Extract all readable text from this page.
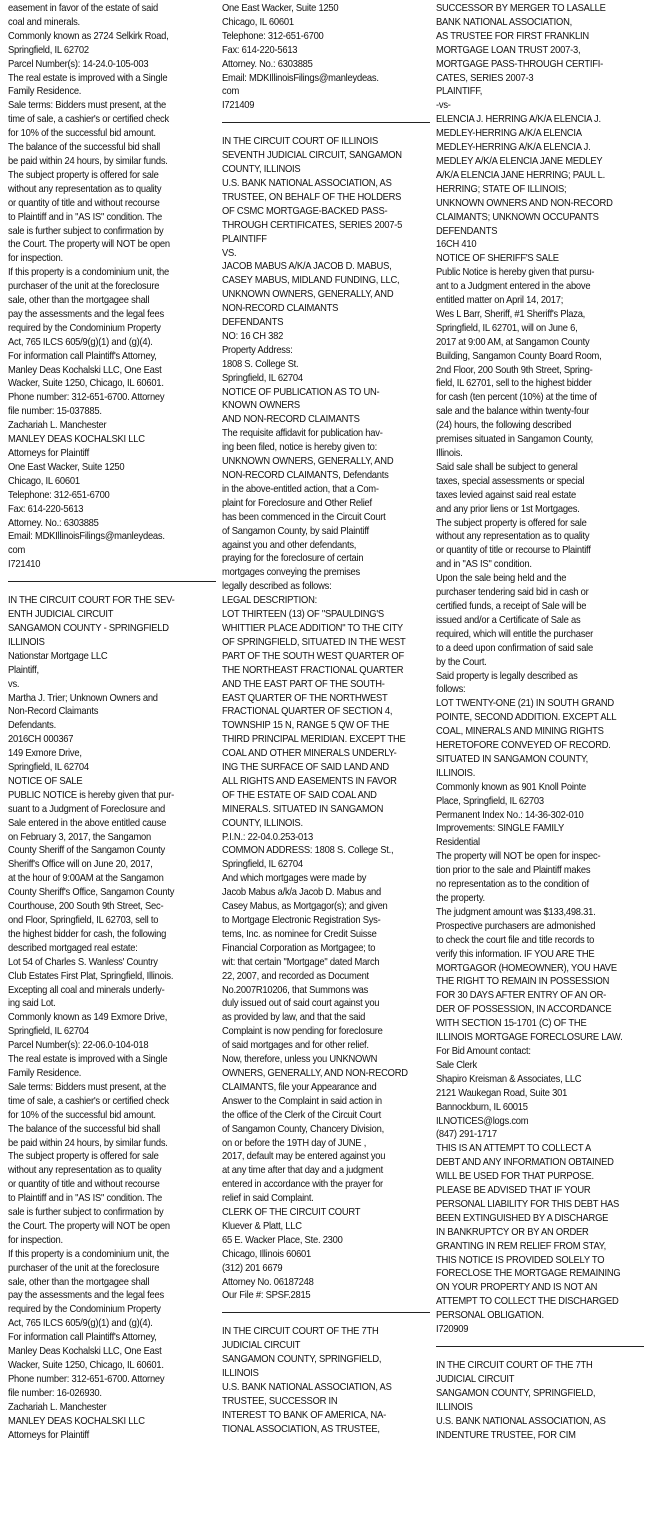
easement in favor of the estate of said

coal and minerals.

Commonly known as 2724 Selkirk Road,

Springfield, IL 62702

Parcel Number(s): 14-24.0-105-003

The real estate is improved with a Single

Family Residence.

Sale terms: Bidders must present, at the

time of sale, a cashier's or certified check

for 10% of the successful bid amount.

The balance of the successful bid shall

be paid within 24 hours, by similar funds.

The subject property is offered for sale

without any representation as to quality

or quantity of title and without recourse

to Plaintiff and in "AS IS" condition. The

sale is further subject to confirmation by

the Court. The property will NOT be open

for inspection.

If this property is a condominium unit, the

purchaser of the unit at the foreclosure

sale, other than the mortgagee shall

pay the assessments and the legal fees

required by the Condominium Property

Act, 765 ILCS 605/9(g)(1) and (g)(4).

For information call Plaintiff's Attorney,

Manley Deas Kochalski LLC, One East

Wacker, Suite 1250, Chicago, IL 60601.

Phone number: 312-651-6700. Attorney

file number: 15-037885.

Zachariah L. Manchester

MANLEY DEAS KOCHALSKI LLC

Attorneys for Plaintiff

One East Wacker, Suite 1250

Chicago, IL 60601

Telephone: 312-651-6700

Fax: 614-220-5613

Attorney. No.: 6303885

Email: MDKIllinoisFilings@manleydeas.

com

I721410

IN THE CIRCUIT COURT FOR THE SEV-

ENTH JUDICIAL CIRCUIT

SANGAMON COUNTY - SPRINGFIELD

ILLINOIS

Nationstar Mortgage LLC

Plaintiff,

vs.

Martha J. Trier; Unknown Owners and

Non-Record Claimants

Defendants.

2016CH 000367

149 Exmore Drive,

Springfield, IL 62704

NOTICE OF SALE

PUBLIC NOTICE is hereby given that pur-

suant to a Judgment of Foreclosure and

Sale entered in the above entitled cause

on February 3, 2017, the Sangamon

County Sheriff of the Sangamon County

Sheriff's Office will on June 20, 2017,

at the hour of 9:00AM at the Sangamon

County Sheriff's Office, Sangamon County

Courthouse, 200 South 9th Street, Sec-

ond Floor, Springfield, IL 62703, sell to

the highest bidder for cash, the following

described mortgaged real estate:

Lot 54 of Charles S. Wanless' Country

Club Estates First Plat, Springfield, Illinois.

Excepting all coal and minerals underly-

ing said Lot.

Commonly known as 149 Exmore Drive,

Springfield, IL 62704

Parcel Number(s): 22-06.0-104-018

The real estate is improved with a Single

Family Residence.

Sale terms: Bidders must present, at the

time of sale, a cashier's or certified check

for 10% of the successful bid amount.

The balance of the successful bid shall

be paid within 24 hours, by similar funds.

The subject property is offered for sale

without any representation as to quality

or quantity of title and without recourse

to Plaintiff and in "AS IS" condition. The

sale is further subject to confirmation by

the Court. The property will NOT be open

for inspection.

If this property is a condominium unit, the

purchaser of the unit at the foreclosure

sale, other than the mortgagee shall

pay the assessments and the legal fees

required by the Condominium Property

Act, 765 ILCS 605/9(g)(1) and (g)(4).

For information call Plaintiff's Attorney,

Manley Deas Kochalski LLC, One East

Wacker, Suite 1250, Chicago, IL 60601.

Phone number: 312-651-6700. Attorney

file number: 16-026930.

Zachariah L. Manchester

MANLEY DEAS KOCHALSKI LLC

Attorneys for Plaintiff

One East Wacker, Suite 1250

Chicago, IL 60601

Telephone: 312-651-6700

Fax: 614-220-5613

Attorney. No.: 6303885

Email: MDKIllinoisFilings@manleydeas.

com

I721409

IN THE CIRCUIT COURT OF ILLINOIS

SEVENTH JUDICIAL CIRCUIT, SANGAMON

COUNTY, ILLINOIS

U.S. BANK NATIONAL ASSOCIATION, AS

TRUSTEE, ON BEHALF OF THE HOLDERS

OF CSMC MORTGAGE-BACKED PASS-

THROUGH CERTIFICATES, SERIES 2007-5

PLAINTIFF

VS.

JACOB MABUS A/K/A JACOB D. MABUS,

CASEY MABUS, MIDLAND FUNDING, LLC,

UNKNOWN OWNERS, GENERALLY, AND

NON-RECORD CLAIMANTS

DEFENDANTS

NO: 16 CH 382

Property Address:

1808 S. College St.

Springfield, IL 62704

NOTICE OF PUBLICATION AS TO UN-

KNOWN OWNERS

AND NON-RECORD CLAIMANTS

The requisite affidavit for publication hav-

ing been filed, notice is hereby given to:

UNKNOWN OWNERS, GENERALLY, AND

NON-RECORD CLAIMANTS, Defendants

in the above-entitled action, that a Com-

plaint for Foreclosure and Other Relief

has been commenced in the Circuit Court

of Sangamon County, by said Plaintiff

against you and other defendants,

praying for the foreclosure of certain

mortgages conveying the premises

legally described as follows:

LEGAL DESCRIPTION:

LOT THIRTEEN (13) OF "SPAULDING'S

WHITTIER PLACE ADDITION" TO THE CITY

OF SPRINGFIELD, SITUATED IN THE WEST

PART OF THE SOUTH WEST QUARTER OF

THE NORTHEAST FRACTIONAL QUARTER

AND THE EAST PART OF THE SOUTH-

EAST QUARTER OF THE NORTHWEST

FRACTIONAL QUARTER OF SECTION 4,

TOWNSHIP 15 N, RANGE 5 QW OF THE

THIRD PRINCIPAL MERIDIAN. EXCEPT THE

COAL AND OTHER MINERALS UNDERLY-

ING THE SURFACE OF SAID LAND AND

ALL RIGHTS AND EASEMENTS IN FAVOR

OF THE ESTATE OF SAID COAL AND

MINERALS. SITUATED IN SANGAMON

COUNTY, ILLINOIS.

P.I.N.: 22-04.0.253-013

COMMON ADDRESS: 1808 S. College St.,

Springfield, IL 62704

And which mortgages were made by

Jacob Mabus a/k/a Jacob D. Mabus and

Casey Mabus, as Mortgagor(s); and given

to Mortgage Electronic Registration Sys-

tems, Inc. as nominee for Credit Suisse

Financial Corporation as Mortgagee; to

wit: that certain "Mortgage" dated March

22, 2007, and recorded as Document

No.2007R10206, that Summons was

duly issued out of said court against you

as provided by law, and that the said

Complaint is now pending for foreclosure

of said mortgages and for other relief.

Now, therefore, unless you UNKNOWN

OWNERS, GENERALLY, AND NON-RECORD

CLAIMANTS, file your Appearance and

Answer to the Complaint in said action in

the office of the Clerk of the Circuit Court

of Sangamon County, Chancery Division,

on or before the 19TH day of JUNE ,

2017, default may be entered against you

at any time after that day and a judgment

entered in accordance with the prayer for

relief in said Complaint.

CLERK OF THE CIRCUIT COURT

Kluever & Platt, LLC

65 E. Wacker Place, Ste. 2300

Chicago, Illinois 60601

(312) 201 6679

Attorney No. 06187248

Our File #: SPSF.2815

IN THE CIRCUIT COURT OF THE 7TH

JUDICIAL CIRCUIT

SANGAMON COUNTY, SPRINGFIELD,

ILLINOIS

U.S. BANK NATIONAL ASSOCIATION, AS

TRUSTEE, SUCCESSOR IN

INTEREST TO BANK OF AMERICA, NA-

TIONAL ASSOCIATION, AS TRUSTEE,

SUCCESSOR BY MERGER TO LASALLE

BANK NATIONAL ASSOCIATION,

AS TRUSTEE FOR FIRST FRANKLIN

MORTGAGE LOAN TRUST 2007-3,

MORTGAGE PASS-THROUGH CERTIFI-

CATES, SERIES 2007-3

PLAINTIFF,

-vs-

ELENCIA J. HERRING A/K/A ELENCIA J.

MEDLEY-HERRING A/K/A ELENCIA

MEDLEY-HERRING A/K/A ELENCIA J.

MEDLEY A/K/A ELENCIA JANE MEDLEY

A/K/A ELENCIA JANE HERRING; PAUL L.

HERRING; STATE OF ILLINOIS;

UNKNOWN OWNERS AND NON-RECORD

CLAIMANTS; UNKNOWN OCCUPANTS

DEFENDANTS

16CH 410

NOTICE OF SHERIFF'S SALE

Public Notice is hereby given that pursu-

ant to a Judgment entered in the above

entitled matter on April 14, 2017;

Wes L Barr, Sheriff, #1 Sheriff's Plaza,

Springfield, IL 62701, will on June 6,

2017 at 9:00 AM, at Sangamon County

Building, Sangamon County Board Room,

2nd Floor, 200 South 9th Street, Spring-

field, IL 62701, sell to the highest bidder

for cash (ten percent (10%) at the time of

sale and the balance within twenty-four

(24) hours, the following described

premises situated in Sangamon County,

Illinois.

Said sale shall be subject to general

taxes, special assessments or special

taxes levied against said real estate

and any prior liens or 1st Mortgages.

The subject property is offered for sale

without any representation as to quality

or quantity of title or recourse to Plaintiff

and in "AS IS" condition.

Upon the sale being held and the

purchaser tendering said bid in cash or

certified funds, a receipt of Sale will be

issued and/or a Certificate of Sale as

required, which will entitle the purchaser

to a deed upon confirmation of said sale

by the Court.

Said property is legally described as

follows:

LOT TWENTY-ONE (21) IN SOUTH GRAND

POINTE, SECOND ADDITION. EXCEPT ALL

COAL, MINERALS AND MINING RIGHTS

HERETOFORE CONVEYED OF RECORD.

SITUATED IN SANGAMON COUNTY,

ILLINOIS.

Commonly known as 901 Knoll Pointe

Place, Springfield, IL 62703

Permanent Index No.: 14-36-302-010

Improvements: SINGLE FAMILY

Residential

The property will NOT be open for inspec-

tion prior to the sale and Plaintiff makes

no representation as to the condition of

the property.

The judgment amount was $133,498.31.

Prospective purchasers are admonished

to check the court file and title records to

verify this information. IF YOU ARE THE

MORTGAGOR (HOMEOWNER), YOU HAVE

THE RIGHT TO REMAIN IN POSSESSION

FOR 30 DAYS AFTER ENTRY OF AN OR-

DER OF POSSESSION, IN ACCORDANCE

WITH SECTION 15-1701 (C) OF THE

ILLINOIS MORTGAGE FORECLOSURE LAW.

For Bid Amount contact:

Sale Clerk

Shapiro Kreisman & Associates, LLC

2121 Waukegan Road, Suite 301

Bannockburn, IL 60015

ILNOTICES@logs.com

(847) 291-1717

THIS IS AN ATTEMPT TO COLLECT A

DEBT AND ANY INFORMATION OBTAINED

WILL BE USED FOR THAT PURPOSE.

PLEASE BE ADVISED THAT IF YOUR

PERSONAL LIABILITY FOR THIS DEBT HAS

BEEN EXTINGUISHED BY A DISCHARGE

IN BANKRUPTCY OR BY AN ORDER

GRANTING IN REM RELIEF FROM STAY,

THIS NOTICE IS PROVIDED SOLELY TO

FORECLOSE THE MORTGAGE REMAINING

ON YOUR PROPERTY AND IS NOT AN

ATTEMPT TO COLLECT THE DISCHARGED

PERSONAL OBLIGATION.

I720909

IN THE CIRCUIT COURT OF THE 7TH

JUDICIAL CIRCUIT

SANGAMON COUNTY, SPRINGFIELD,

ILLINOIS

U.S. BANK NATIONAL ASSOCIATION, AS

INDENTURE TRUSTEE, FOR CIM
